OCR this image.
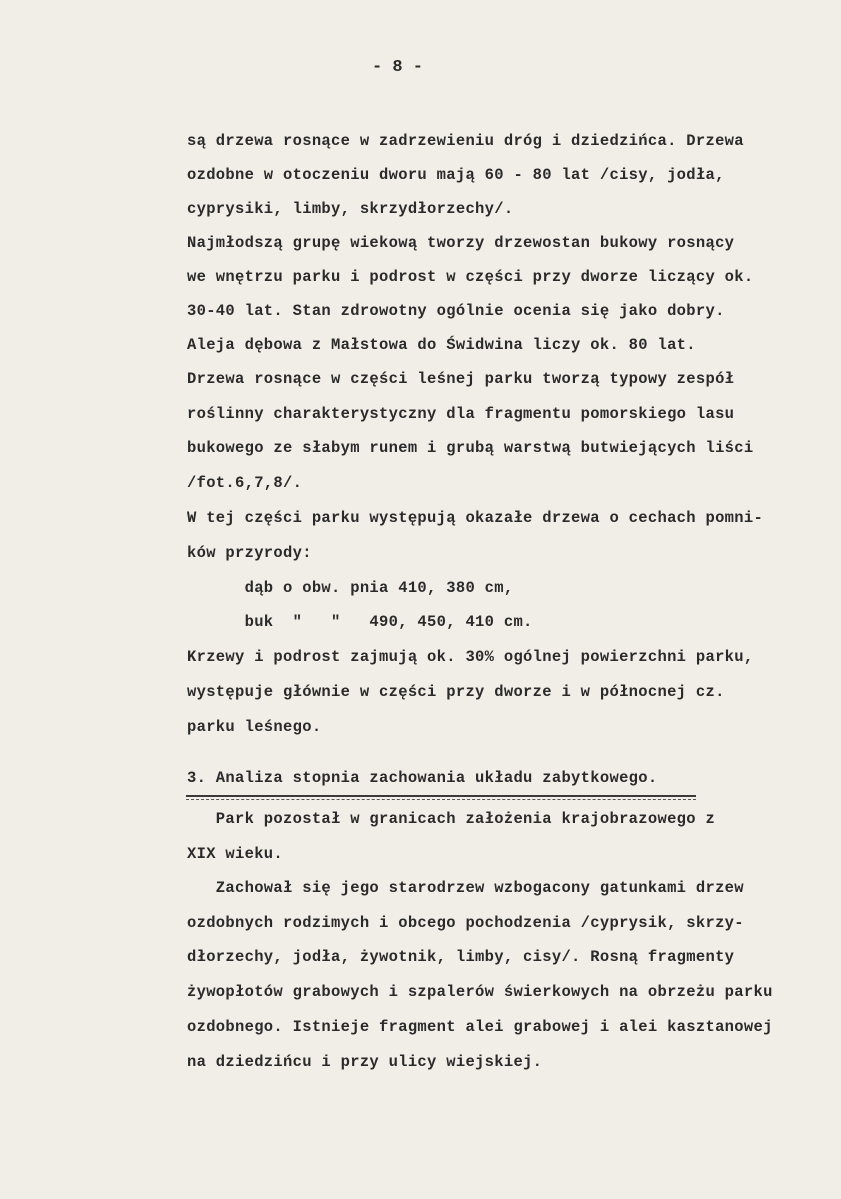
- 8 -
są drzewa rosnące w zadrzewieniu dróg i dziedzińca. Drzewa
ozdobne w otoczeniu dworu mają 60 - 80 lat /cisy, jodła,
cyprysiki, limby, skrzydłorzechy/.
Najmłodszą grupę wiekową tworzy drzewostan bukowy rosnący
we wnętrzu parku i podrost w części przy dworze liczący ok.
30-40 lat. Stan zdrowotny ogólnie ocenia się jako dobry.
Aleja dębowa z Małstowa do Świdwina liczy ok. 80 lat.
Drzewa rosnące w części leśnej parku tworzą typowy zespół
roślinny charakterystyczny dla fragmentu pomorskiego lasu
bukowego ze słabym runem i grubą warstwą butwiejących liści
/fot.6,7,8/.
W tej części parku występują okazałe drzewa o cechach pomni-
ków przyrody:
dąb o obw. pnia 410, 380 cm,
buk  "   "   490, 450, 410 cm.
Krzewy i podrost zajmują ok. 30% ogólnej powierzchni parku,
występuje głównie w części przy dworze i w północnej cz.
parku leśnego.
3. Analiza stopnia zachowania układu zabytkowego.
Park pozostał w granicach założenia krajobrazowego z
XIX wieku.
Zachował się jego starodrzew wzbogacony gatunkami drzew
ozdobnych rodzimych i obcego pochodzenia /cyprysik, skrzy-
dłorzechy, jodła, żywotnik, limby, cisy/. Rosną fragmenty
żywopłotów grabowych i szpalerów świerkowych na obrzeżu parku
ozdobnego. Istnieje fragment alei grabowej i alei kasztanowej
na dziedzińcu i przy ulicy wiejskiej.
